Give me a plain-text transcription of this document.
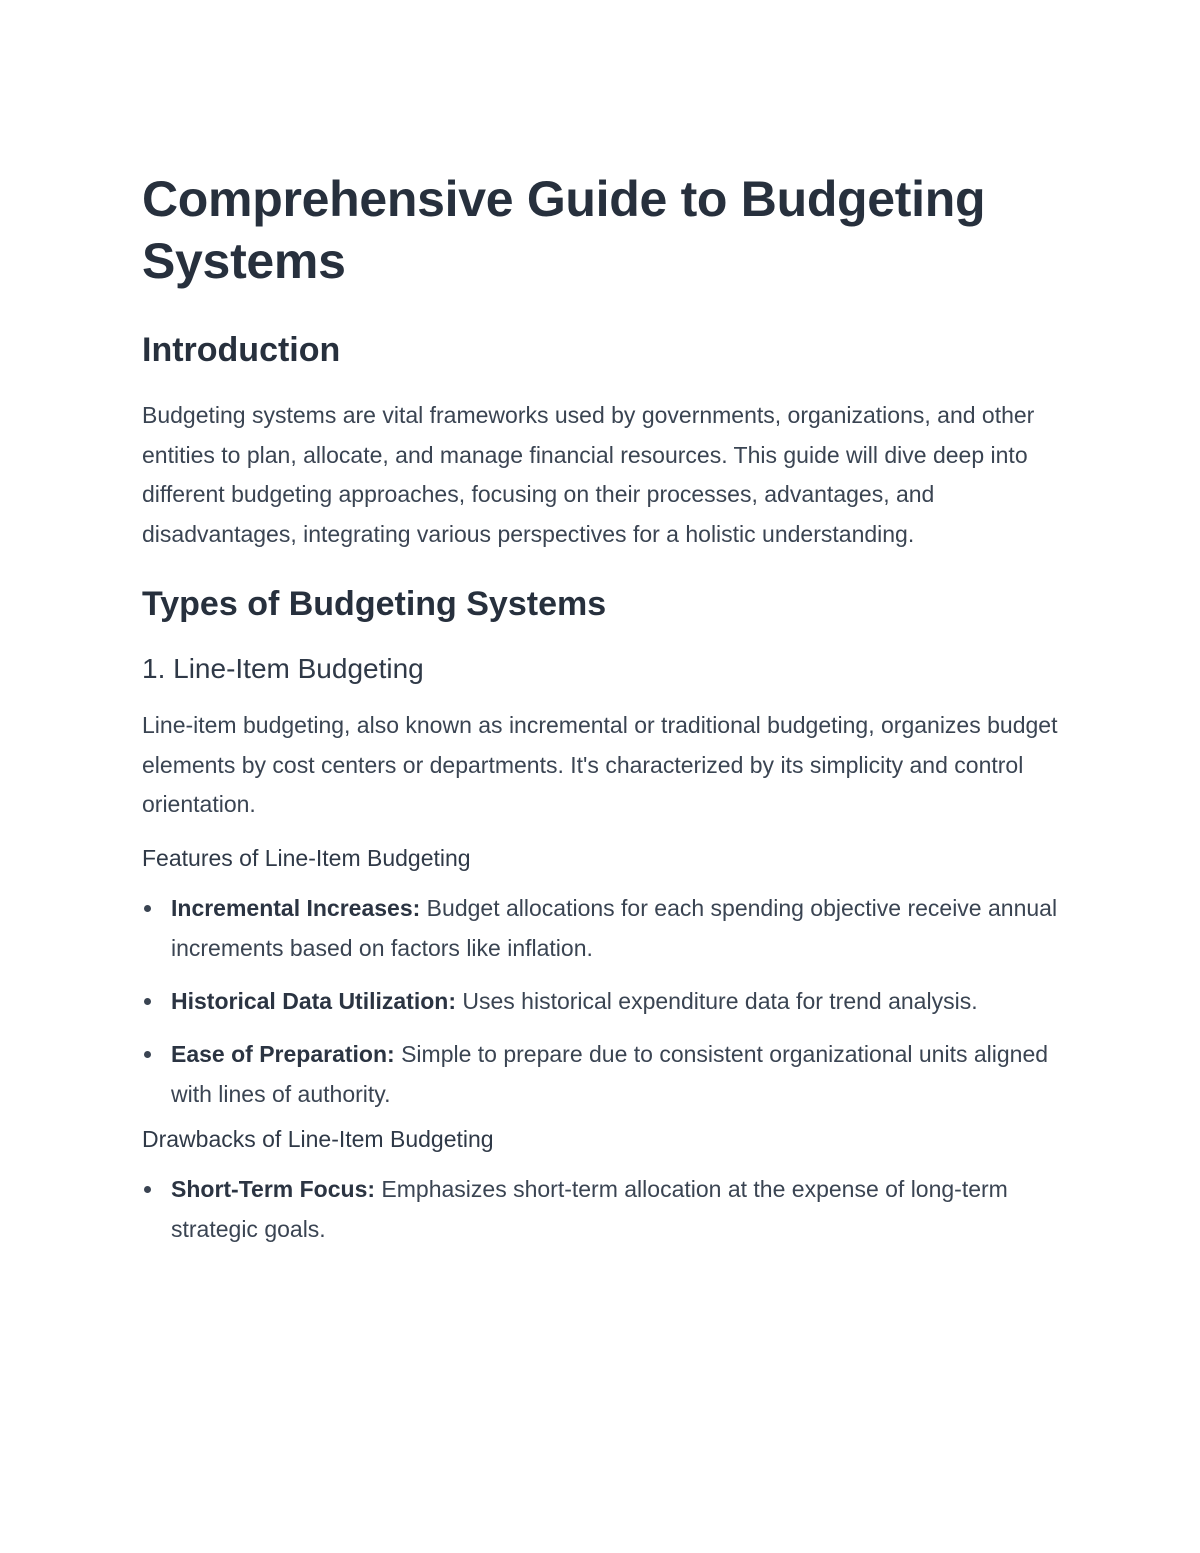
Comprehensive Guide to Budgeting Systems
Introduction

Budgeting systems are vital frameworks used by governments, organizations, and other entities to plan, allocate, and manage financial resources. This guide will dive deep into different budgeting approaches, focusing on their processes, advantages, and disadvantages, integrating various perspectives for a holistic understanding.

Types of Budgeting Systems
1. Line-Item Budgeting

Line-item budgeting, also known as incremental or traditional budgeting, organizes budget elements by cost centers or departments. It's characterized by its simplicity and control orientation.

Features of Line-Item Budgeting
Incremental Increases: Budget allocations for each spending objective receive annual increments based on factors like inflation.
Historical Data Utilization: Uses historical expenditure data for trend analysis.
Ease of Preparation: Simple to prepare due to consistent organizational units aligned with lines of authority.
Drawbacks of Line-Item Budgeting
Short-Term Focus: Emphasizes short-term allocation at the expense of long-term strategic goals.
